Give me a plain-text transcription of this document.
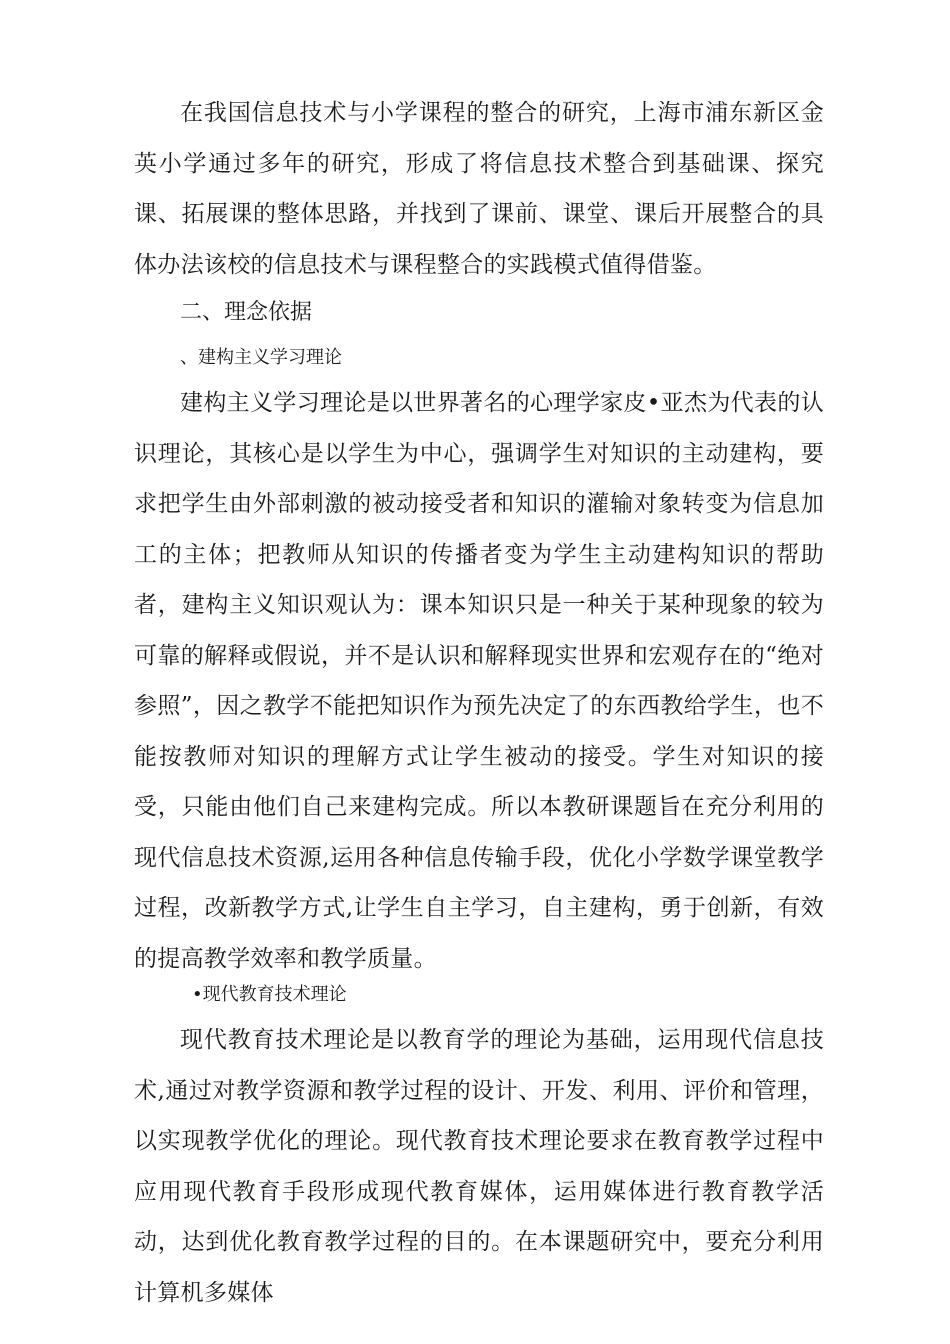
在我国信息技术与小学课程的整合的研究，上海市浦东新区金英小学通过多年的研究，形成了将信息技术整合到基础课、探究课、拓展课的整体思路，并找到了课前、课堂、课后开展整合的具体办法该校的信息技术与课程整合的实践模式值得借鉴。

二、理念依据

、建构主义学习理论

建构主义学习理论是以世界著名的心理学家皮•亚杰为代表的认识理论，其核心是以学生为中心，强调学生对知识的主动建构，要求把学生由外部刺激的被动接受者和知识的灌输对象转变为信息加工的主体；把教师从知识的传播者变为学生主动建构知识的帮助者，建构主义知识观认为：课本知识只是一种关于某种现象的较为可靠的解释或假说，并不是认识和解释现实世界和宏观存在的“绝对参照”，因之教学不能把知识作为预先决定了的东西教给学生，也不能按教师对知识的理解方式让学生被动的接受。学生对知识的接受，只能由他们自己来建构完成。所以本教研课题旨在充分利用的现代信息技术资源,运用各种信息传输手段，优化小学数学课堂教学过程，改新教学方式,让学生自主学习，自主建构，勇于创新，有效的提高教学效率和教学质量。

•现代教育技术理论

现代教育技术理论是以教育学的理论为基础，运用现代信息技术,通过对教学资源和教学过程的设计、开发、利用、评价和管理，以实现教学优化的理论。现代教育技术理论要求在教育教学过程中应用现代教育手段形成现代教育媒体，运用媒体进行教育教学活动，达到优化教育教学过程的目的。在本课题研究中，要充分利用计算机多媒体
